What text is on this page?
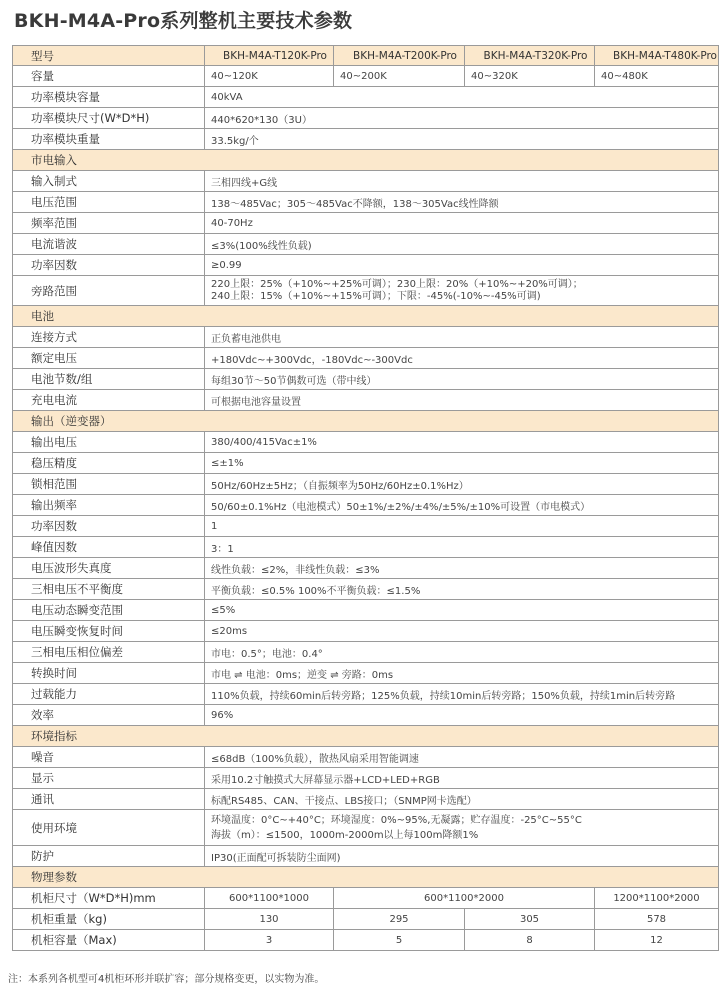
BKH-M4A-Pro系列整机主要技术参数
型号	BKH-M4A-T120K-Pro	BKH-M4A-T200K-Pro	BKH-M4A-T320K-Pro	BKH-M4A-T480K-Pro
容量	40~120K	40~200K	40~320K	40~480K
功率模块容量	40kVA			
功率模块尺寸(W*D*H)	440*620*130（3U）			
功率模块重量	33.5kg/个			
市电输入				
输入制式	三相四线+G线			
电压范围	138～485Vac；305～485Vac不降额，138～305Vac线性降额			
频率范围	40-70Hz			
电流谐波	≤3%(100%线性负载)			
功率因数	≥0.99			
旁路范围	220上限：25%（+10%~+25%可调）；230上限：20%（+10%~+20%可调）；
240上限：15%（+10%~+15%可调）；下限：-45%(-10%~-45%可调)			

电池				
连接方式	正负蓄电池供电			
额定电压	+180Vdc~+300Vdc，-180Vdc~-300Vdc			
电池节数/组	每组30节～50节偶数可选（带中线）			
充电电流	可根据电池容量设置			
输出（逆变器）				
输出电压	380/400/415Vac±1%			
稳压精度	≤±1%			
锁相范围	50Hz/60Hz±5Hz；（自振频率为50Hz/60Hz±0.1%Hz）			
输出频率	50/60±0.1%Hz（电池模式）50±1%/±2%/±4%/±5%/±10%可设置（市电模式）			
功率因数	1			
峰值因数	3：1			
电压波形失真度	线性负载：≤2%，非线性负载：≤3%			
三相电压不平衡度	平衡负载：≤0.5% 100%不平衡负载：≤1.5%			
电压动态瞬变范围	≤5%			
电压瞬变恢复时间	≤20ms			
三相电压相位偏差	市电：0.5°；电池：0.4°			
转换时间	市电 ⇌ 电池：0ms；逆变 ⇌ 旁路：0ms			
过载能力	110%负载，持续60min后转旁路；125%负载，持续10min后转旁路；150%负载，持续1min后转旁路			
效率	96%			
环境指标				
噪音	≤68dB（100%负载），散热风扇采用智能调速			
显示	采用10.2寸触摸式大屏幕显示器+LCD+LED+RGB			
通讯	标配RS485、CAN、干接点、LBS接口；（SNMP网卡选配）			
使用环境	环境温度：0°C~+40°C；环境湿度：0%~95%,无凝露；贮存温度：-25°C~55°C
海拔（m）：≤1500，1000m-2000m以上每100m降额1%			

防护	IP30(正面配可拆装防尘面网)			
物理参数				
机柜尺寸（W*D*H)mm	600*1100*1000	600*1100*2000		1200*1100*2000
机柜重量（kg)	130	295	305	578
机柜容量（Max)	3	5	8	12
注：本系列各机型可4机柜环形并联扩容；部分规格变更，以实物为准。
